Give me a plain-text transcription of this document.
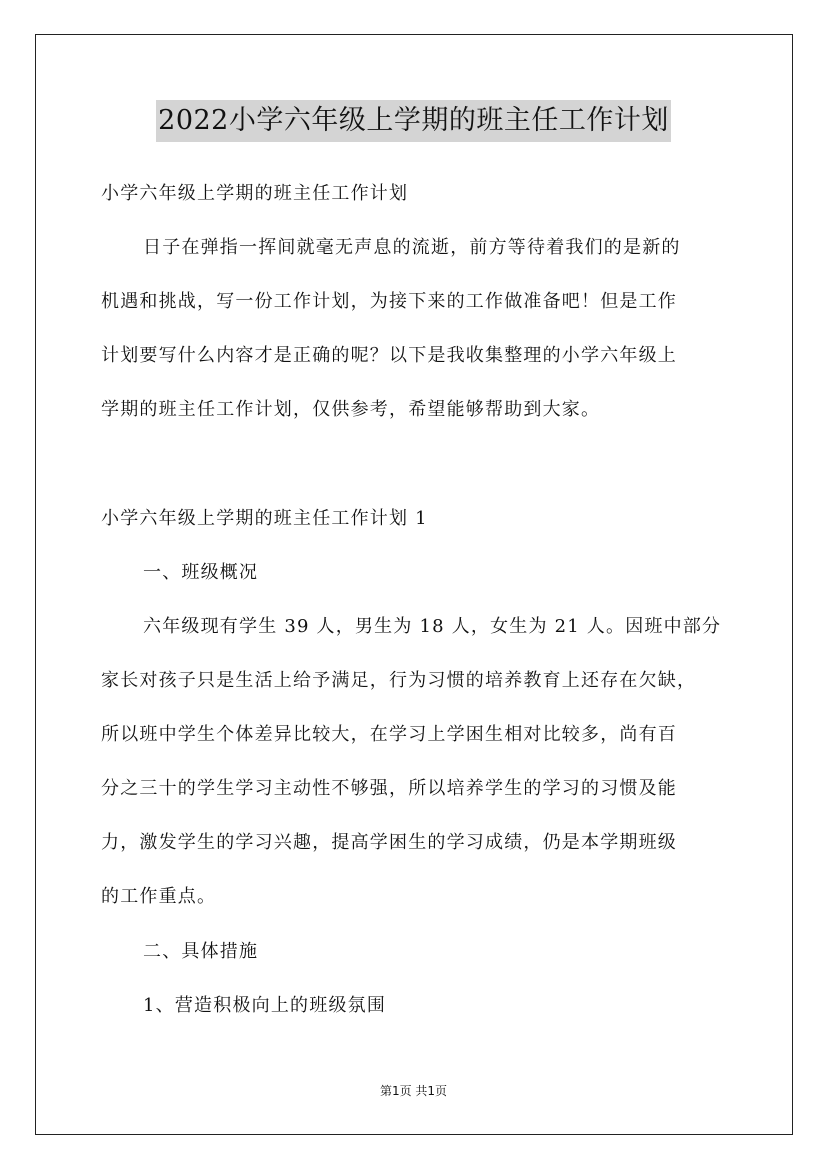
2022小学六年级上学期的班主任工作计划
小学六年级上学期的班主任工作计划
日子在弹指一挥间就毫无声息的流逝，前方等待着我们的是新的
机遇和挑战，写一份工作计划，为接下来的工作做准备吧！但是工作
计划要写什么内容才是正确的呢？以下是我收集整理的小学六年级上
学期的班主任工作计划，仅供参考，希望能够帮助到大家。
小学六年级上学期的班主任工作计划 1
一、班级概况
六年级现有学生 39 人，男生为 18 人，女生为 21 人。因班中部分
家长对孩子只是生活上给予满足，行为习惯的培养教育上还存在欠缺，
所以班中学生个体差异比较大，在学习上学困生相对比较多，尚有百
分之三十的学生学习主动性不够强，所以培养学生的学习的习惯及能
力，激发学生的学习兴趣，提高学困生的学习成绩，仍是本学期班级
的工作重点。
二、具体措施
1、营造积极向上的班级氛围
第1页 共1页
